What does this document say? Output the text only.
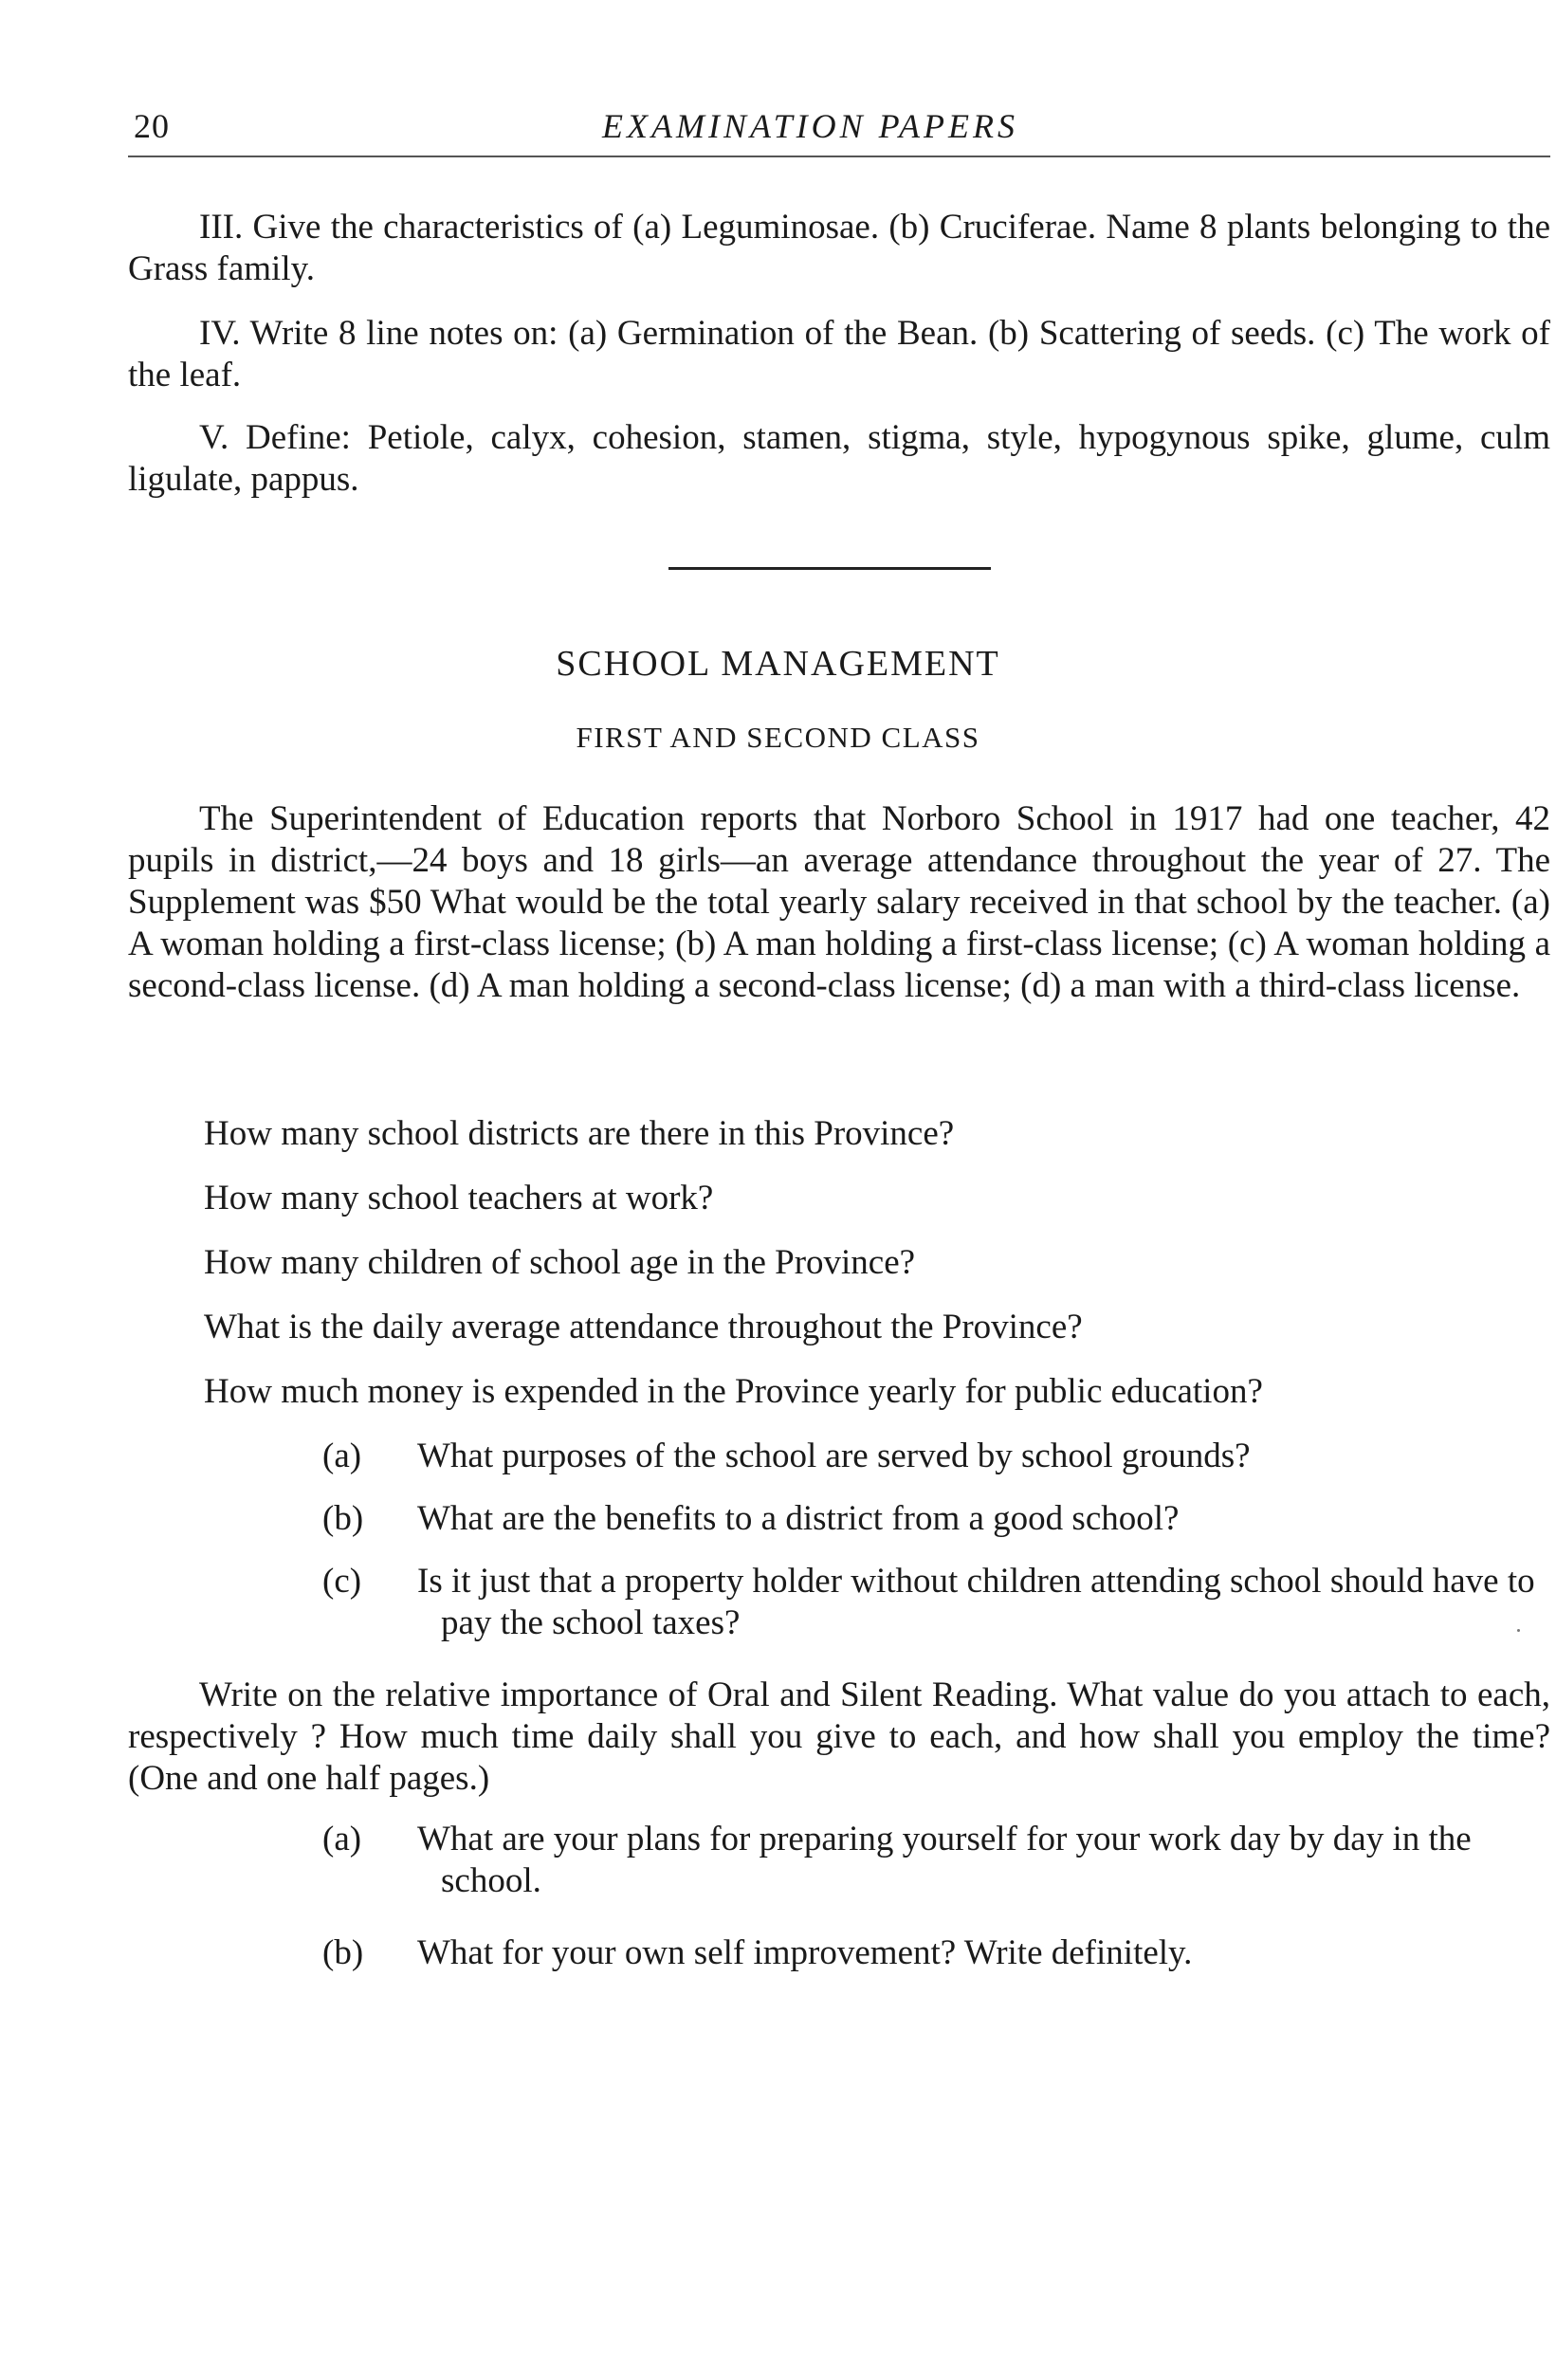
20	EXAMINATION PAPERS

III. Give the characteristics of (a) Leguminosae. (b) Cruciferae. Name 8 plants belonging to the Grass family.

IV. Write 8 line notes on: (a) Germination of the Bean. (b) Scattering of seeds. (c) The work of the leaf.

V. Define: Petiole, calyx, cohesion, stamen, stigma, style, hypogynous spike, glume, culm ligulate, pappus.

SCHOOL MANAGEMENT
FIRST AND SECOND CLASS

The Superintendent of Education reports that Norboro School in 1917 had one teacher, 42 pupils in district,—24 boys and 18 girls—an average attendance throughout the year of 27. The Supplement was $50 What would be the total yearly salary received in that school by the teacher. (a) A woman holding a first-class license; (b) A man holding a first-class license; (c) A woman holding a second-class license. (d) A man holding a second-class license; (d) a man with a third-class license.

How many school districts are there in this Province?

How many school teachers at work?

How many children of school age in the Province?

What is the daily average attendance throughout the Province?

How much money is expended in the Province yearly for public education?

(a) What purposes of the school are served by school grounds?
(b) What are the benefits to a district from a good school?
(c) Is it just that a property holder without children attending school should have to pay the school taxes?

Write on the relative importance of Oral and Silent Reading. What value do you attach to each, respectively ? How much time daily shall you give to each, and how shall you employ the time? (One and one half pages.)

(a) What are your plans for preparing yourself for your work day by day in the school.
(b) What for your own self improvement? Write definitely.
